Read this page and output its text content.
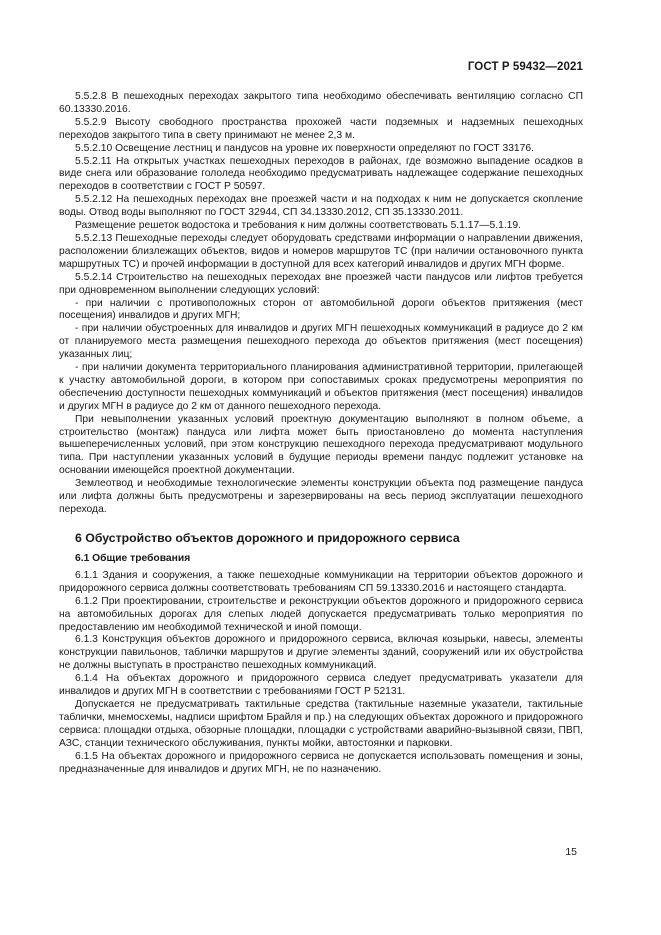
ГОСТ Р 59432—2021

5.5.2.8 В пешеходных переходах закрытого типа необходимо обеспечивать вентиляцию согласно СП 60.13330.2016.

5.5.2.9 Высоту свободного пространства прохожей части подземных и надземных пешеходных переходов закрытого типа в свету принимают не менее 2,3 м.

5.5.2.10 Освещение лестниц и пандусов на уровне их поверхности определяют по ГОСТ 33176.

5.5.2.11 На открытых участках пешеходных переходов в районах, где возможно выпадение осадков в виде снега или образование гололеда необходимо предусматривать надлежащее содержание пешеходных переходов в соответствии с ГОСТ Р 50597.

5.5.2.12 На пешеходных переходах вне проезжей части и на подходах к ним не допускается скопление воды. Отвод воды выполняют по ГОСТ 32944, СП 34.13330.2012, СП 35.13330.2011.

Размещение решеток водостока и требования к ним должны соответствовать 5.1.17—5.1.19.

5.5.2.13 Пешеходные переходы следует оборудовать средствами информации о направлении движения, расположении близлежащих объектов, видов и номеров маршрутов ТС (при наличии остановочного пункта маршрутных ТС) и прочей информации в доступной для всех категорий инвалидов и других МГН форме.

5.5.2.14 Строительство на пешеходных переходах вне проезжей части пандусов или лифтов требуется при одновременном выполнении следующих условий:

- при наличии с противоположных сторон от автомобильной дороги объектов притяжения (мест посещения) инвалидов и других МГН;

- при наличии обустроенных для инвалидов и других МГН пешеходных коммуникаций в радиусе до 2 км от планируемого места размещения пешеходного перехода до объектов притяжения (мест посещения) указанных лиц;

- при наличии документа территориального планирования административной территории, прилегающей к участку автомобильной дороги, в котором при сопоставимых сроках предусмотрены мероприятия по обеспечению доступности пешеходных коммуникаций и объектов притяжения (мест посещения) инвалидов и других МГН в радиусе до 2 км от данного пешеходного перехода.

При невыполнении указанных условий проектную документацию выполняют в полном объеме, а строительство (монтаж) пандуса или лифта может быть приостановлено до момента наступления вышеперечисленных условий, при этом конструкцию пешеходного перехода предусматривают модульного типа. При наступлении указанных условий в будущие периоды времени пандус подлежит установке на основании имеющейся проектной документации.

Землеотвод и необходимые технологические элементы конструкции объекта под размещение пандуса или лифта должны быть предусмотрены и зарезервированы на весь период эксплуатации пешеходного перехода.

6 Обустройство объектов дорожного и придорожного сервиса
6.1 Общие требования

6.1.1 Здания и сооружения, а также пешеходные коммуникации на территории объектов дорожного и придорожного сервиса должны соответствовать требованиям СП 59.13330.2016 и настоящего стандарта.

6.1.2 При проектировании, строительстве и реконструкции объектов дорожного и придорожного сервиса на автомобильных дорогах для слепых людей допускается предусматривать только мероприятия по предоставлению им необходимой технической и иной помощи.

6.1.3 Конструкция объектов дорожного и придорожного сервиса, включая козырьки, навесы, элементы конструкции павильонов, таблички маршрутов и другие элементы зданий, сооружений или их обустройства не должны выступать в пространство пешеходных коммуникаций.

6.1.4 На объектах дорожного и придорожного сервиса следует предусматривать указатели для инвалидов и других МГН в соответствии с требованиями ГОСТ Р 52131.

Допускается не предусматривать тактильные средства (тактильные наземные указатели, тактильные таблички, мнемосхемы, надписи шрифтом Брайля и пр.) на следующих объектах дорожного и придорожного сервиса: площадки отдыха, обзорные площадки, площадки с устройствами аварийно-вызывной связи, ПВП, АЗС, станции технического обслуживания, пункты мойки, автостоянки и парковки.

6.1.5 На объектах дорожного и придорожного сервиса не допускается использовать помещения и зоны, предназначенные для инвалидов и других МГН, не по назначению.

15
